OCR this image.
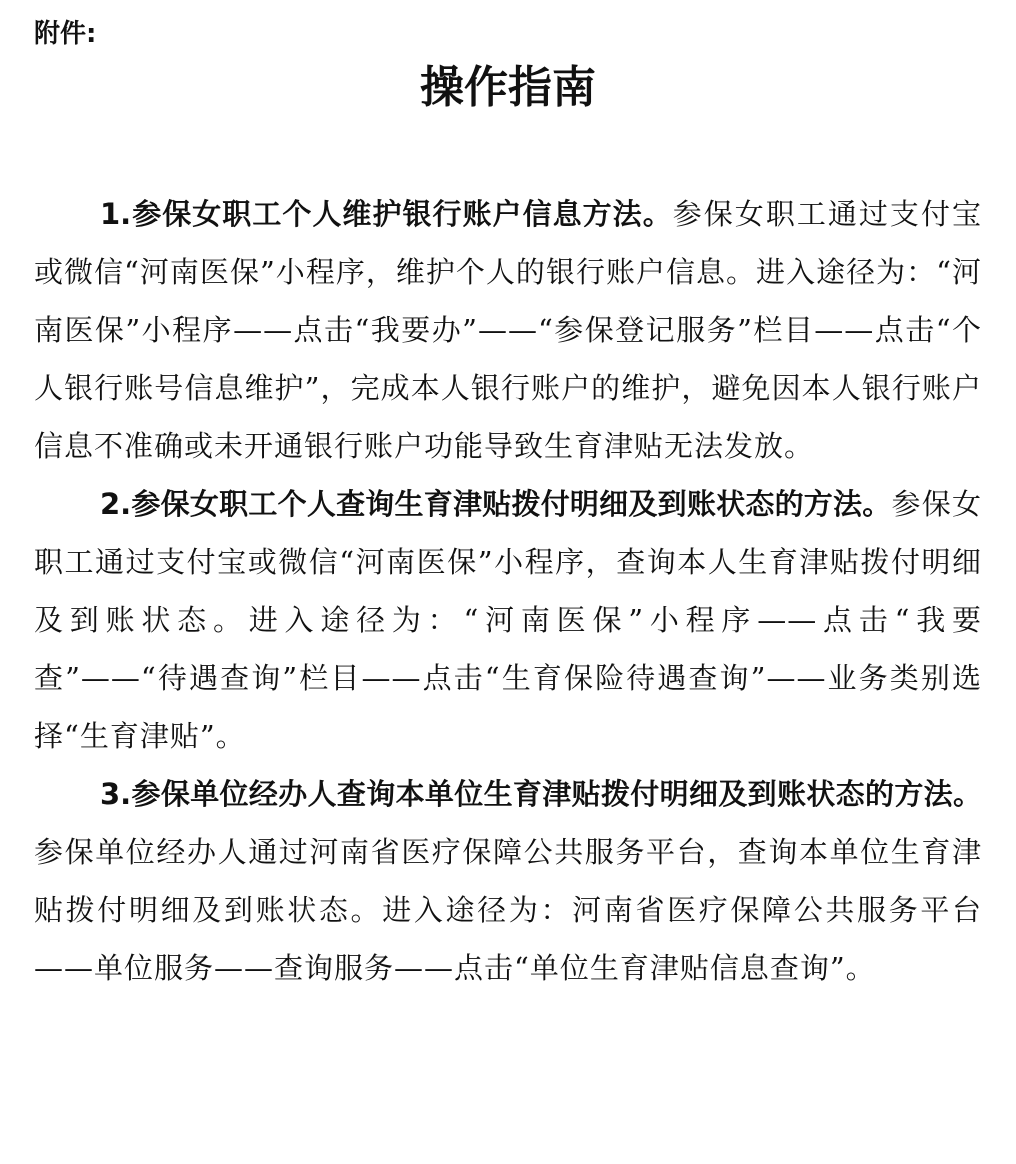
附件:

操作指南

1.参保女职工个人维护银行账户信息方法。参保女职工通过支付宝或微信“河南医保”小程序，维护个人的银行账户信息。进入途径为：“河南医保”小程序——点击“我要办”——“参保登记服务”栏目——点击“个人银行账号信息维护”，完成本人银行账户的维护，避免因本人银行账户信息不准确或未开通银行账户功能导致生育津贴无法发放。

2.参保女职工个人查询生育津贴拨付明细及到账状态的方法。参保女职工通过支付宝或微信“河南医保”小程序，查询本人生育津贴拨付明细及到账状态。进入途径为：“河南医保”小程序——点击“我要查”——“待遇查询”栏目——点击“生育保险待遇查询”——业务类别选择“生育津贴”。

3.参保单位经办人查询本单位生育津贴拨付明细及到账状态的方法。参保单位经办人通过河南省医疗保障公共服务平台，查询本单位生育津贴拨付明细及到账状态。进入途径为：河南省医疗保障公共服务平台——单位服务——查询服务——点击“单位生育津贴信息查询”。
